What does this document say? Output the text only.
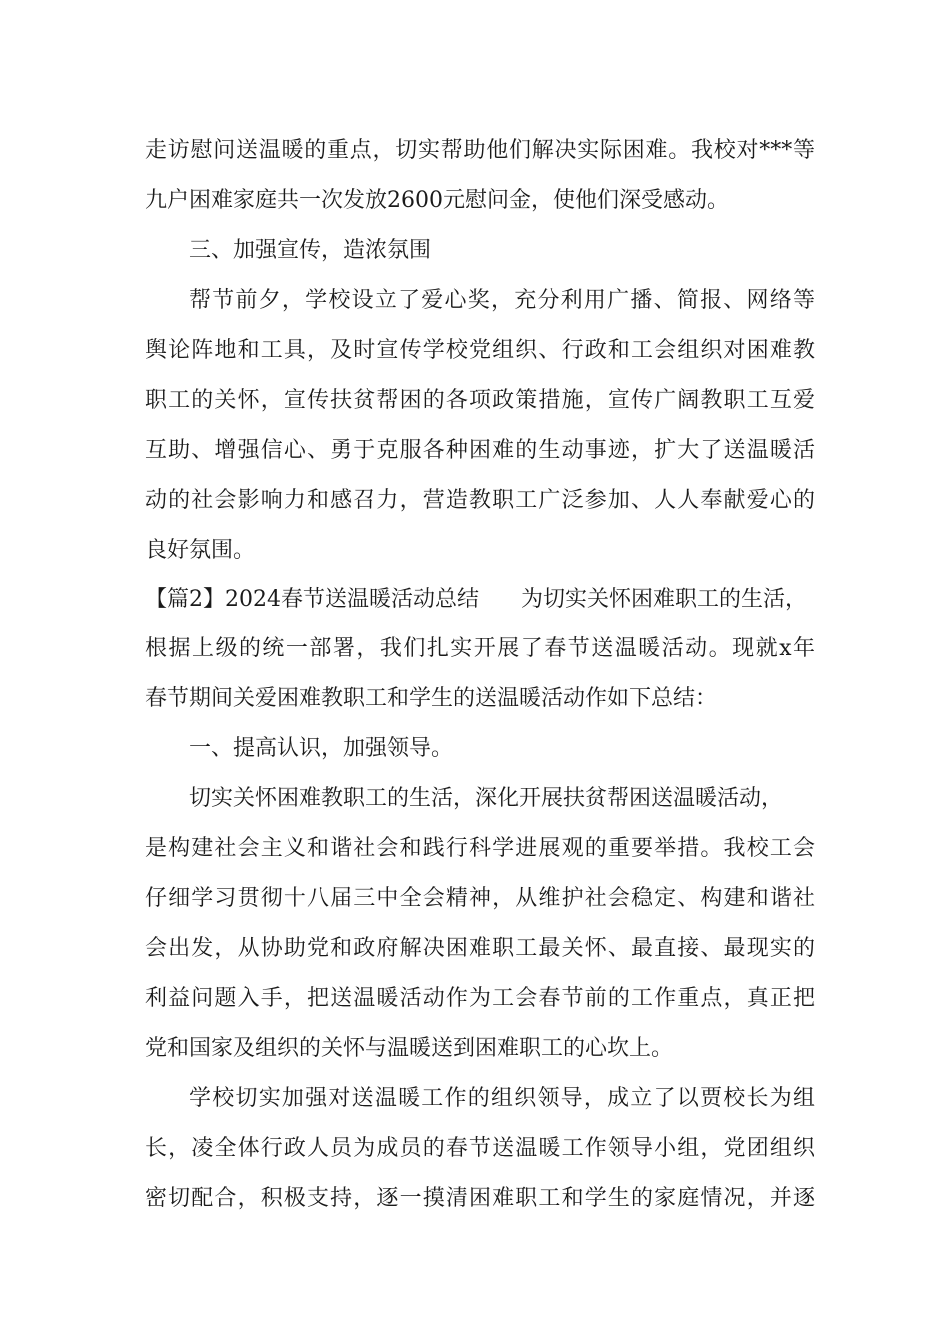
走访慰问送温暖的重点，切实帮助他们解决实际困难。我校对***等
九户困难家庭共一次发放2600元慰问金，使他们深受感动。
三、加强宣传，造浓氛围
帮节前夕，学校设立了爱心奖，充分利用广播、简报、网络等
舆论阵地和工具，及时宣传学校党组织、行政和工会组织对困难教
职工的关怀，宣传扶贫帮困的各项政策措施，宣传广阔教职工互爱
互助、增强信心、勇于克服各种困难的生动事迹，扩大了送温暖活
动的社会影响力和感召力，营造教职工广泛参加、人人奉献爱心的
良好氛围。
【篇2】2024春节送温暖活动总结 为切实关怀困难职工的生活，
根据上级的统一部署，我们扎实开展了春节送温暖活动。现就x年
春节期间关爱困难教职工和学生的送温暖活动作如下总结：
一、提高认识，加强领导。
切实关怀困难教职工的生活，深化开展扶贫帮困送温暖活动，
是构建社会主义和谐社会和践行科学进展观的重要举措。我校工会
仔细学习贯彻十八届三中全会精神，从维护社会稳定、构建和谐社
会出发，从协助党和政府解决困难职工最关怀、最直接、最现实的
利益问题入手，把送温暖活动作为工会春节前的工作重点，真正把
党和国家及组织的关怀与温暖送到困难职工的心坎上。
学校切实加强对送温暖工作的组织领导，成立了以贾校长为组
长，凌全体行政人员为成员的春节送温暖工作领导小组，党团组织
密切配合，积极支持，逐一摸清困难职工和学生的家庭情况，并逐
